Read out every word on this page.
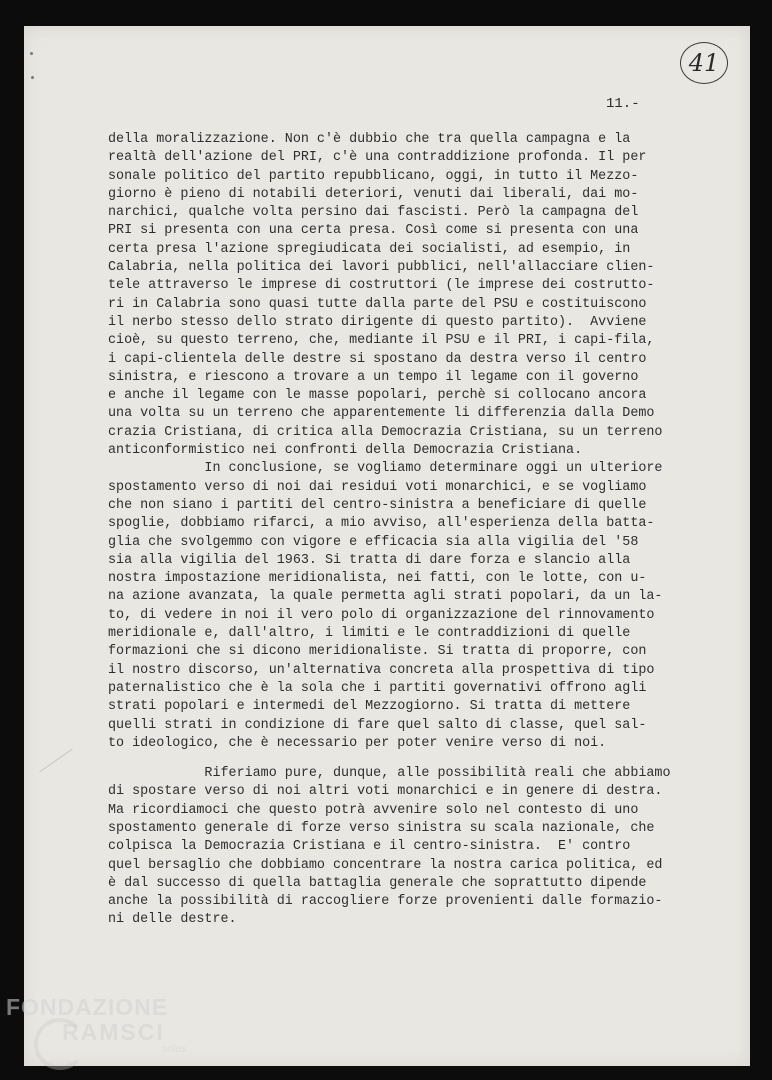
41
11.-
della moralizzazione. Non c'è dubbio che tra quella campagna e la
realtà dell'azione del PRI, c'è una contraddizione profonda. Il per
sonale politico del partito repubblicano, oggi, in tutto il Mezzo-
giorno è pieno di notabili deteriori, venuti dai liberali, dai mo-
narchici, qualche volta persino dai fascisti. Però la campagna del
PRI si presenta con una certa presa. Così come si presenta con una
certa presa l'azione spregiudicata dei socialisti, ad esempio, in
Calabria, nella politica dei lavori pubblici, nell'allacciare clien-
tele attraverso le imprese di costruttori (le imprese dei costrutto-
ri in Calabria sono quasi tutte dalla parte del PSU e costituiscono
il nerbo stesso dello strato dirigente di questo partito).  Avviene
cioè, su questo terreno, che, mediante il PSU e il PRI, i capi-fila,
i capi-clientela delle destre si spostano da destra verso il centro
sinistra, e riescono a trovare a un tempo il legame con il governo
e anche il legame con le masse popolari, perchè si collocano ancora
una volta su un terreno che apparentemente li differenzia dalla Demo
crazia Cristiana, di critica alla Democrazia Cristiana, su un terreno
anticonformistico nei confronti della Democrazia Cristiana.
In conclusione, se vogliamo determinare oggi un ulteriore
spostamento verso di noi dai residui voti monarchici, e se vogliamo
che non siano i partiti del centro-sinistra a beneficiare di quelle
spoglie, dobbiamo rifarci, a mio avviso, all'esperienza della batta-
glia che svolgemmo con vigore e efficacia sia alla vigilia del '58
sia alla vigilia del 1963. Si tratta di dare forza e slancio alla
nostra impostazione meridionalista, nei fatti, con le lotte, con u-
na azione avanzata, la quale permetta agli strati popolari, da un la-
to, di vedere in noi il vero polo di organizzazione del rinnovamento
meridionale e, dall'altro, i limiti e le contraddizioni di quelle
formazioni che si dicono meridionaliste. Si tratta di proporre, con
il nostro discorso, un'alternativa concreta alla prospettiva di tipo
paternalistico che è la sola che i partiti governativi offrono agli
strati popolari e intermedi del Mezzogiorno. Si tratta di mettere
quelli strati in condizione di fare quel salto di classe, quel sal-
to ideologico, che è necessario per poter venire verso di noi.
Riferiamo pure, dunque, alle possibilità reali che abbiamo
di spostare verso di noi altri voti monarchici e in genere di destra.
Ma ricordiamoci che questo potrà avvenire solo nel contesto di uno
spostamento generale di forze verso sinistra su scala nazionale, che
colpisca la Democrazia Cristiana e il centro-sinistra.  E' contro
quel bersaglio che dobbiamo concentrare la nostra carica politica, ed
è dal successo di quella battaglia generale che soprattutto dipende
anche la possibilità di raccogliere forze provenienti dalle formazio-
ni delle destre.
FONDAZIONE
RAMSCI
onlus
